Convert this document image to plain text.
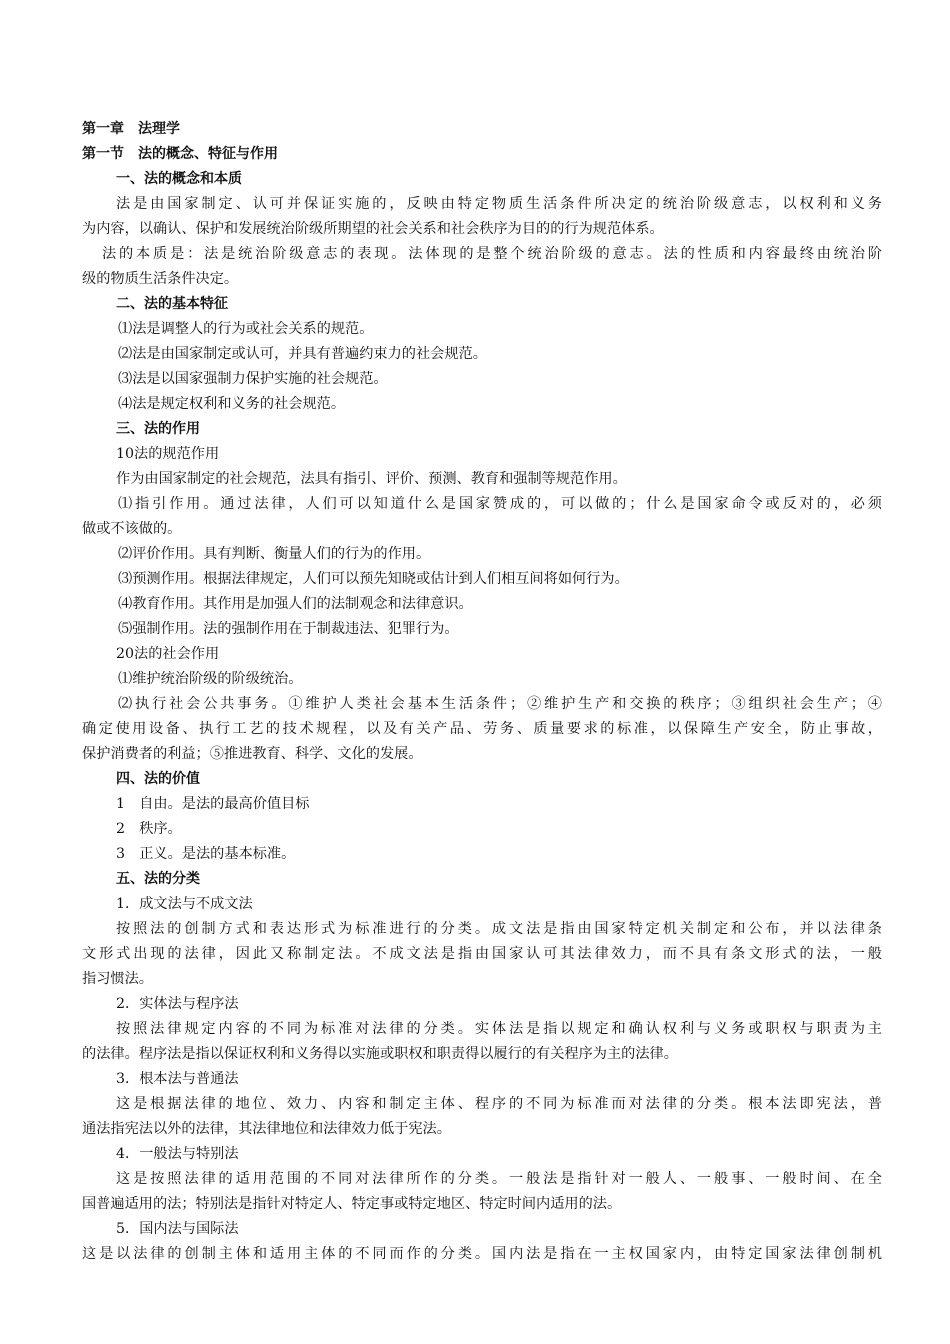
第一章　法理学

第一节　法的概念、特征与作用

一、法的概念和本质

法是由国家制定、认可并保证实施的，反映由特定物质生活条件所决定的统治阶级意志，以权利和义务

为内容，以确认、保护和发展统治阶级所期望的社会关系和社会秩序为目的的行为规范体系。

法的本质是：法是统治阶级意志的表现。法体现的是整个统治阶级的意志。法的性质和内容最终由统治阶

级的物质生活条件决定。

二、法的基本特征

⑴法是调整人的行为或社会关系的规范。

⑵法是由国家制定或认可，并具有普遍约束力的社会规范。

⑶法是以国家强制力保护实施的社会规范。

⑷法是规定权利和义务的社会规范。

三、法的作用

10法的规范作用

作为由国家制定的社会规范，法具有指引、评价、预测、教育和强制等规范作用。

⑴指引作用。通过法律，人们可以知道什么是国家赞成的，可以做的；什么是国家命令或反对的，必须

做或不该做的。

⑵评价作用。具有判断、衡量人们的行为的作用。

⑶预测作用。根据法律规定，人们可以预先知晓或估计到人们相互间将如何行为。

⑷教育作用。其作用是加强人们的法制观念和法律意识。

⑸强制作用。法的强制作用在于制裁违法、犯罪行为。

20法的社会作用

⑴维护统治阶级的阶级统治。

⑵执行社会公共事务。①维护人类社会基本生活条件；②维护生产和交换的秩序；③组织社会生产；④

确定使用设备、执行工艺的技术规程，以及有关产品、劳务、质量要求的标准，以保障生产安全，防止事故，

保护消费者的利益；⑤推进教育、科学、文化的发展。

四、法的价值

1　自由。是法的最高价值目标

2　秩序。

3　正义。是法的基本标准。

五、法的分类

1．成文法与不成文法

按照法的创制方式和表达形式为标准进行的分类。成文法是指由国家特定机关制定和公布，并以法律条

文形式出现的法律，因此又称制定法。不成文法是指由国家认可其法律效力，而不具有条文形式的法，一般

指习惯法。

2．实体法与程序法

按照法律规定内容的不同为标准对法律的分类。实体法是指以规定和确认权利与义务或职权与职责为主

的法律。程序法是指以保证权利和义务得以实施或职权和职责得以履行的有关程序为主的法律。

3．根本法与普通法

这是根据法律的地位、效力、内容和制定主体、程序的不同为标准而对法律的分类。根本法即宪法，普

通法指宪法以外的法律，其法律地位和法律效力低于宪法。

4．一般法与特别法

这是按照法律的适用范围的不同对法律所作的分类。一般法是指针对一般人、一般事、一般时间、在全

国普遍适用的法；特别法是指针对特定人、特定事或特定地区、特定时间内适用的法。

5．国内法与国际法

这是以法律的创制主体和适用主体的不同而作的分类。国内法是指在一主权国家内，由特定国家法律创制机
